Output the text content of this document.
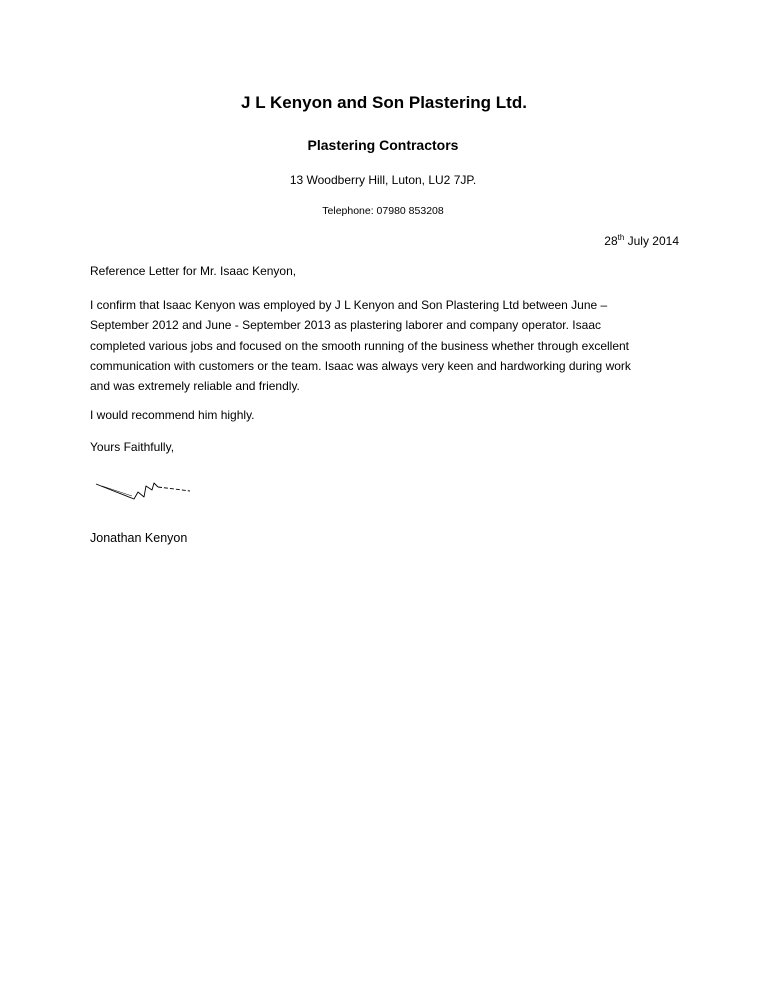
J L Kenyon and Son Plastering Ltd.
Plastering Contractors
13 Woodberry Hill, Luton, LU2 7JP.
Telephone: 07980 853208
28th July 2014
Reference Letter for Mr. Isaac Kenyon,
I confirm that Isaac Kenyon was employed by J L Kenyon and Son Plastering Ltd between June –
September 2012 and June - September 2013 as plastering laborer and company operator. Isaac
completed various jobs and focused on the smooth running of the business whether through excellent
communication with customers or the team. Isaac was always very keen and hardworking during work
and was extremely reliable and friendly.
I would recommend him highly.
Yours Faithfully,
Jonathan Kenyon
